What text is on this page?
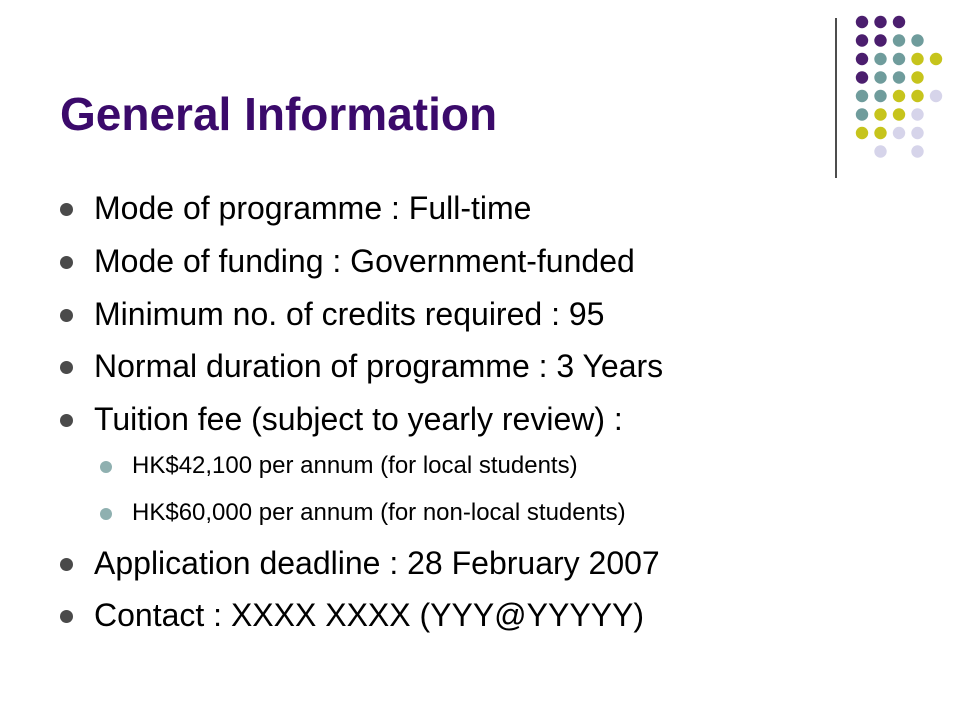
General Information
Mode of programme : Full-time
Mode of funding : Government-funded
Minimum no. of credits required : 95
Normal duration of programme : 3 Years
Tuition fee (subject to yearly review) :
HK$42,100 per annum (for local students)
HK$60,000 per annum (for non-local students)
Application deadline : 28 February 2007
Contact : XXXX XXXX (YYY@YYYYY)
